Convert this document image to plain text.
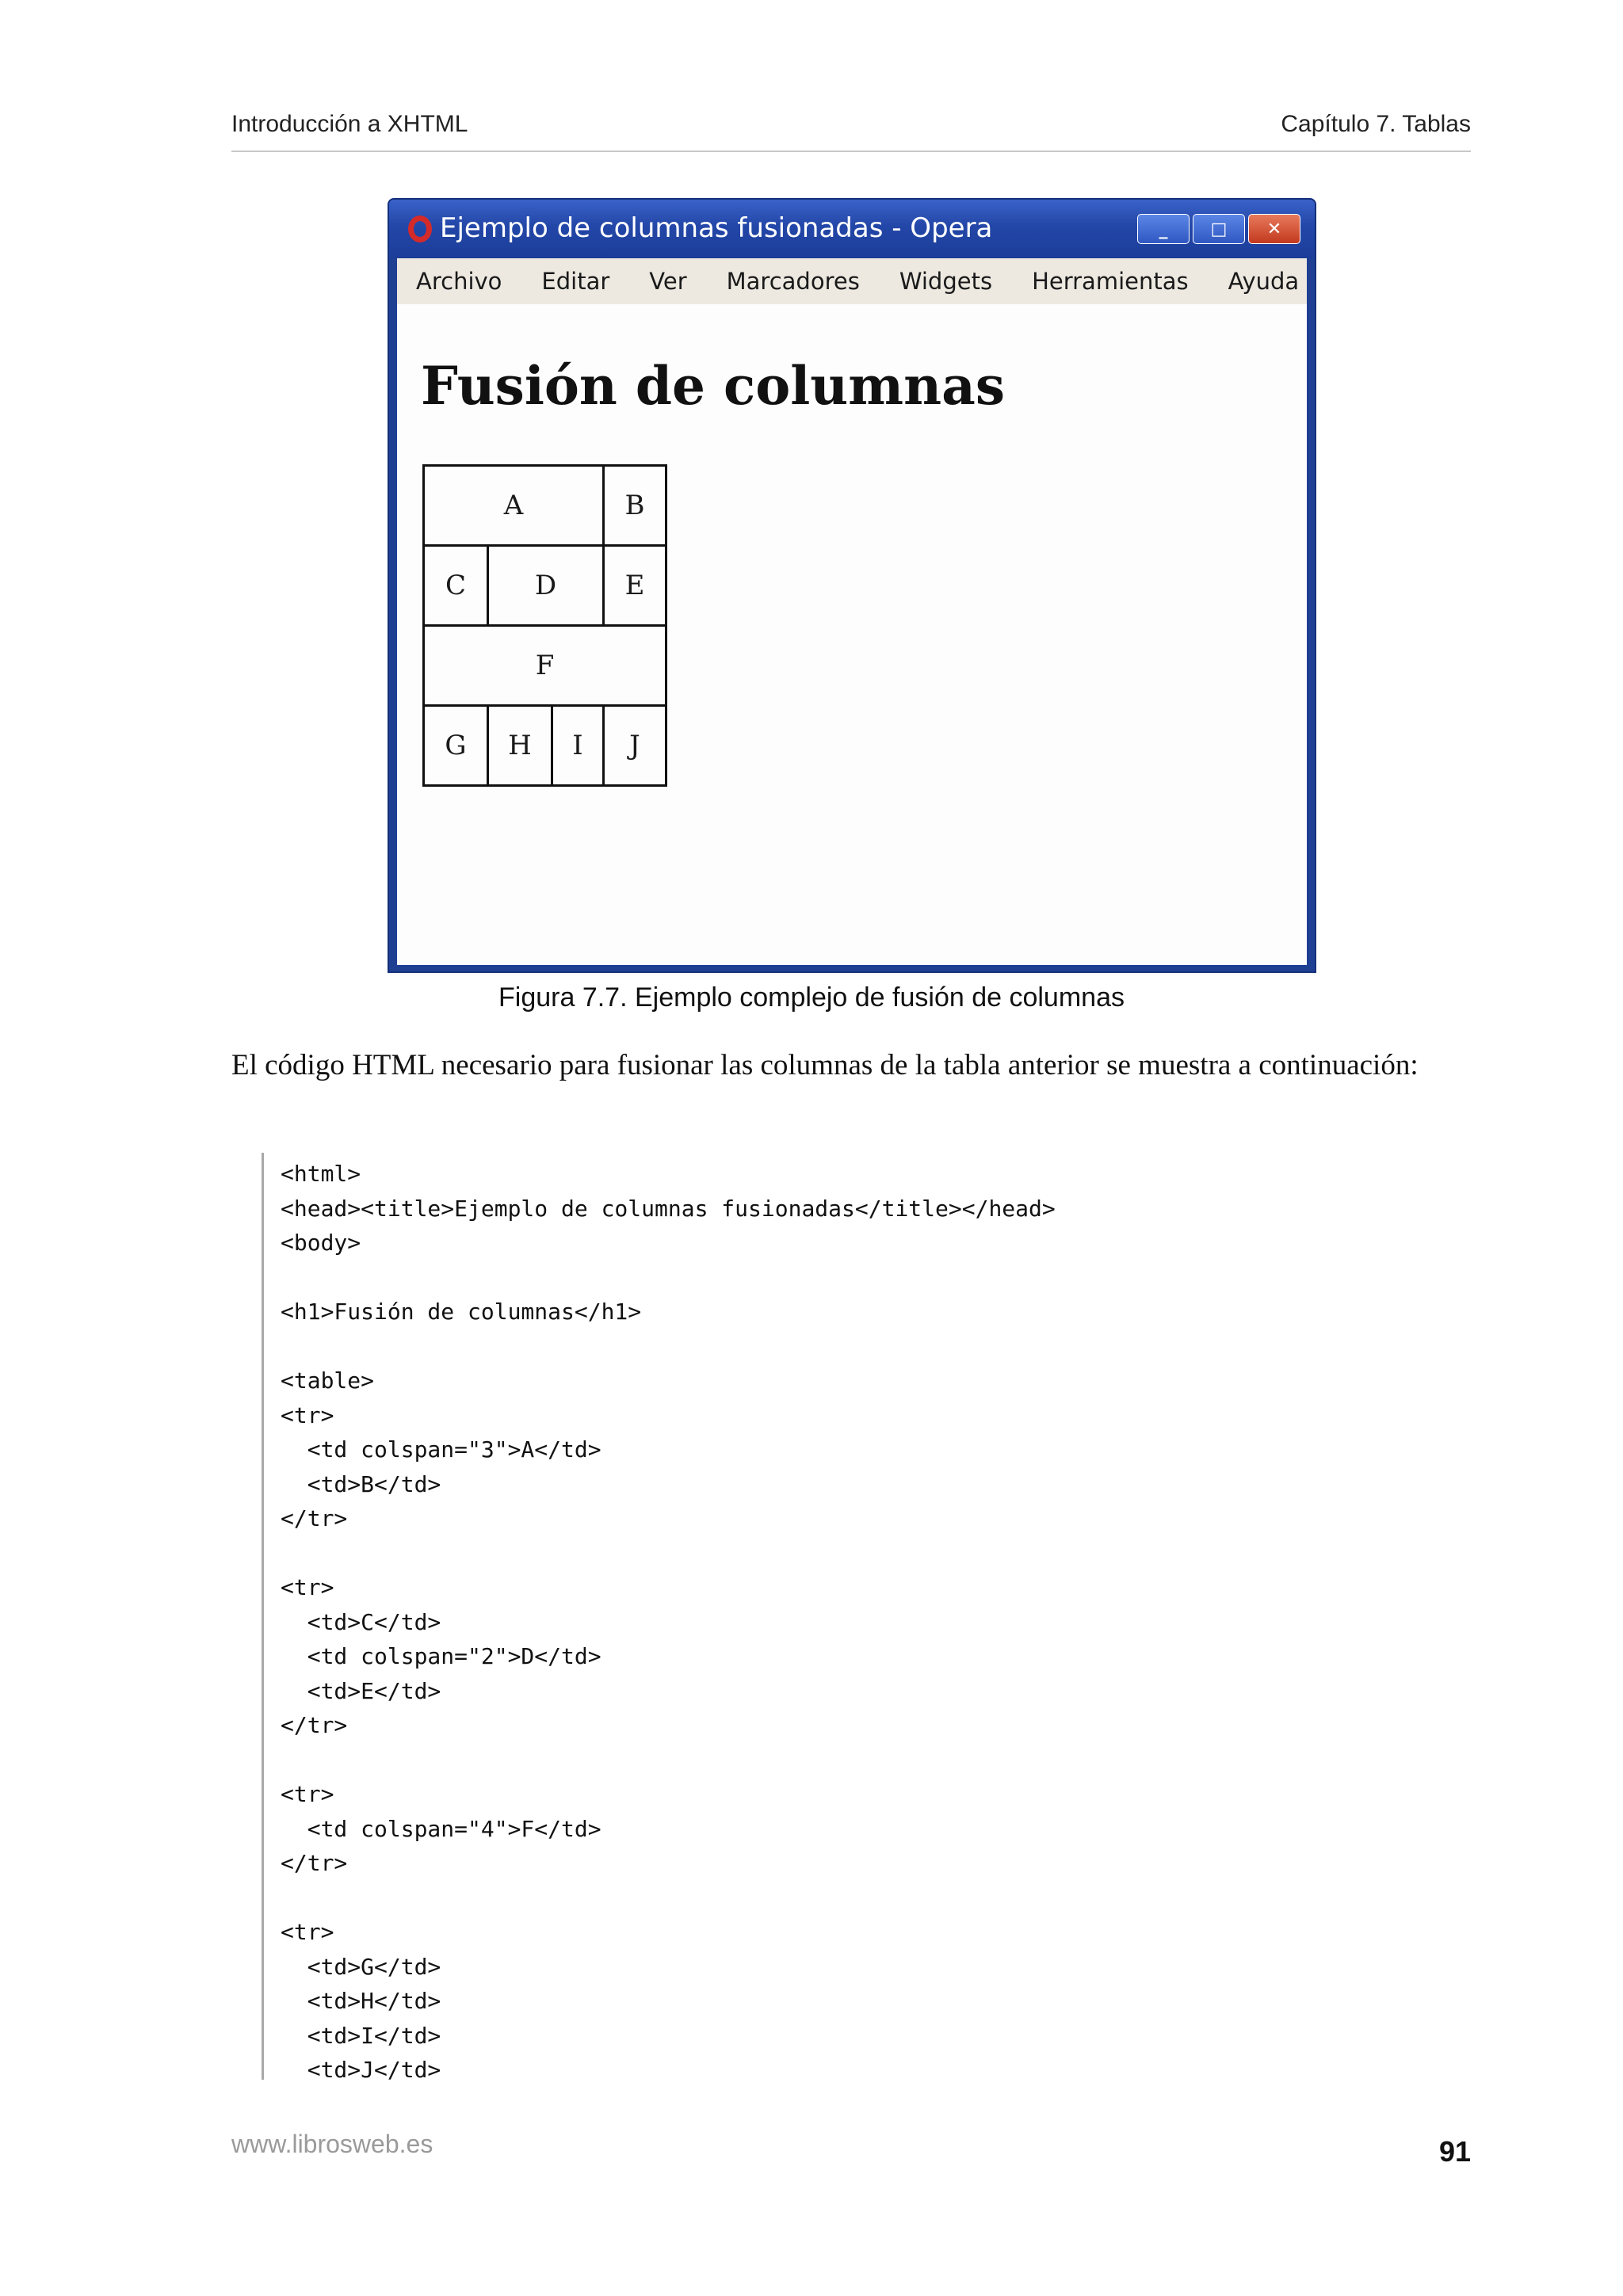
Introducción a XHTML	Capítulo 7. Tablas
Ejemplo de columnas fusionadas - Opera	_	□	✕
Archivo Editar Ver Marcadores Widgets Herramientas Ayuda
Fusión de columnas
A			B
C	D		E
F			
G	H	I	J
Figura 7.7. Ejemplo complejo de fusión de columnas

El código HTML necesario para fusionar las columnas de la tabla anterior se muestra a continuación:

<html>
<head><title>Ejemplo de columnas fusionadas</title></head>
<body>

<h1>Fusión de columnas</h1>

<table>
<tr>
<td colspan="3">A</td>
<td>B</td>
</tr>

<tr>
<td>C</td>
<td colspan="2">D</td>
<td>E</td>
</tr>

<tr>
<td colspan="4">F</td>
</tr>

<tr>
<td>G</td>
<td>H</td>
<td>I</td>
<td>J</td>
www.librosweb.es	91
